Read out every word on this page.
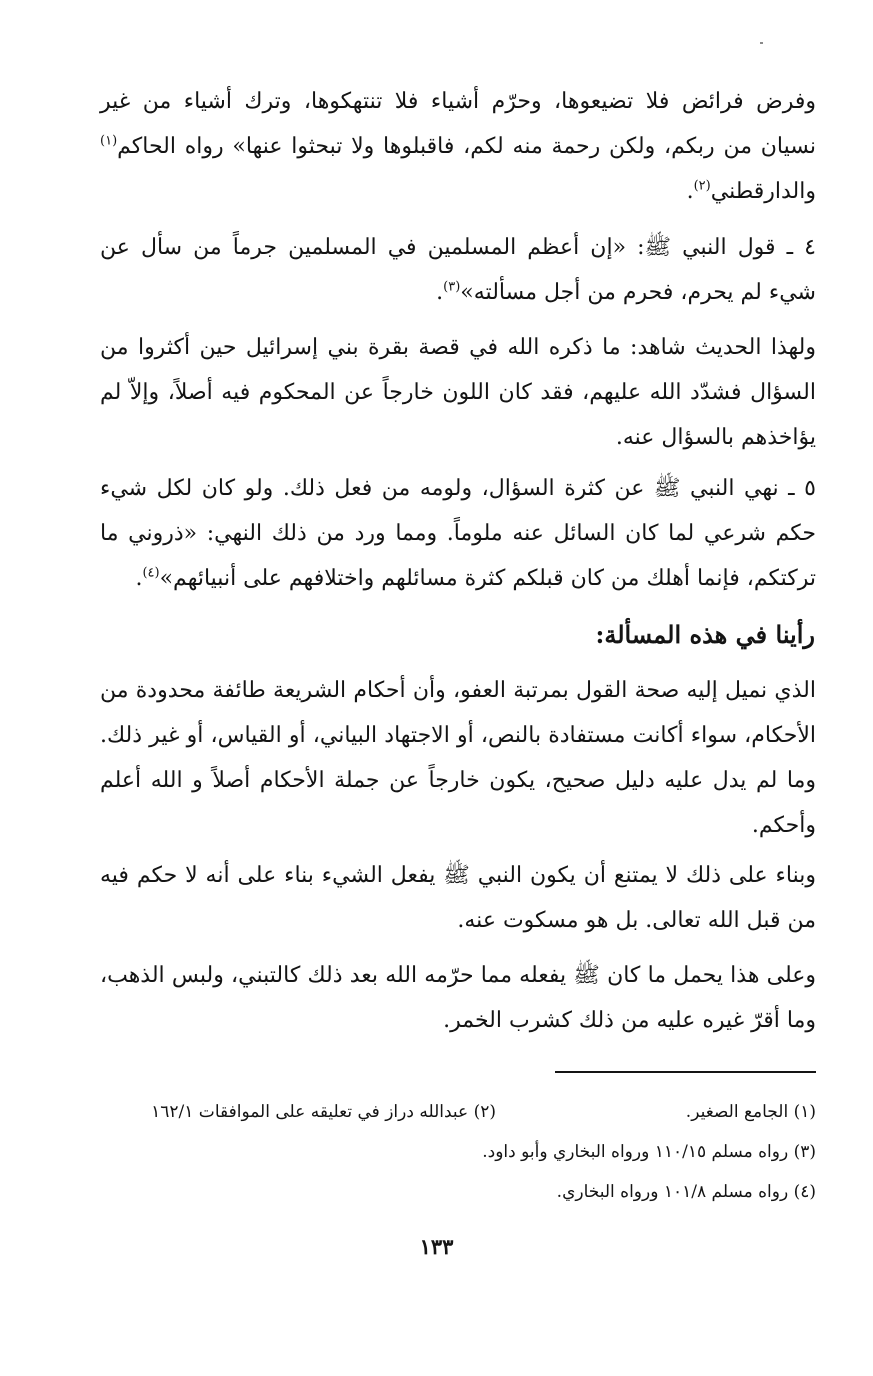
وفرض فرائض فلا تضيعوها، وحرّم أشياء فلا تنتهكوها، وترك أشياء من غير نسيان من ربكم، ولكن رحمة منه لكم، فاقبلوها ولا تبحثوا عنها» رواه الحاكم$^{(١)}$ والدارقطني$^{(٢)}$.

٤ ـ قول النبي ﷺ: «إن أعظم المسلمين في المسلمين جرماً من سأل عن شيء لم يحرم، فحرم من أجل مسألته»$^{(٣)}$.

ولهذا الحديث شاهد: ما ذكره الله في قصة بقرة بني إسرائيل حين أكثروا من السؤال فشدّد الله عليهم، فقد كان اللون خارجاً عن المحكوم فيه أصلاً، وإلاّ لم يؤاخذهم بالسؤال عنه.

٥ ـ نهي النبي ﷺ عن كثرة السؤال، ولومه من فعل ذلك. ولو كان لكل شيء حكم شرعي لما كان السائل عنه ملوماً. ومما ورد من ذلك النهي: «ذروني ما تركتكم، فإنما أهلك من كان قبلكم كثرة مسائلهم واختلافهم على أنبيائهم»$^{(٤)}$.

رأينا في هذه المسألة:

الذي نميل إليه صحة القول بمرتبة العفو، وأن أحكام الشريعة طائفة محدودة من الأحكام، سواء أكانت مستفادة بالنص، أو الاجتهاد البياني، أو القياس، أو غير ذلك. وما لم يدل عليه دليل صحيح، يكون خارجاً عن جملة الأحكام أصلاً و الله أعلم وأحكم.

وبناء على ذلك لا يمتنع أن يكون النبي ﷺ يفعل الشيء بناء على أنه لا حكم فيه من قبل الله تعالى. بل هو مسكوت عنه.

وعلى هذا يحمل ما كان ﷺ يفعله مما حرّمه الله بعد ذلك كالتبني، ولبس الذهب، وما أقرّ غيره عليه من ذلك كشرب الخمر.

(١) الجامع الصغير.
(٢) عبدالله دراز في تعليقه على الموافقات ١٦٢/١
(٣) رواه مسلم ١١٠/١٥ ورواه البخاري وأبو داود.
(٤) رواه مسلم ١٠١/٨ ورواه البخاري.
١٣٣
